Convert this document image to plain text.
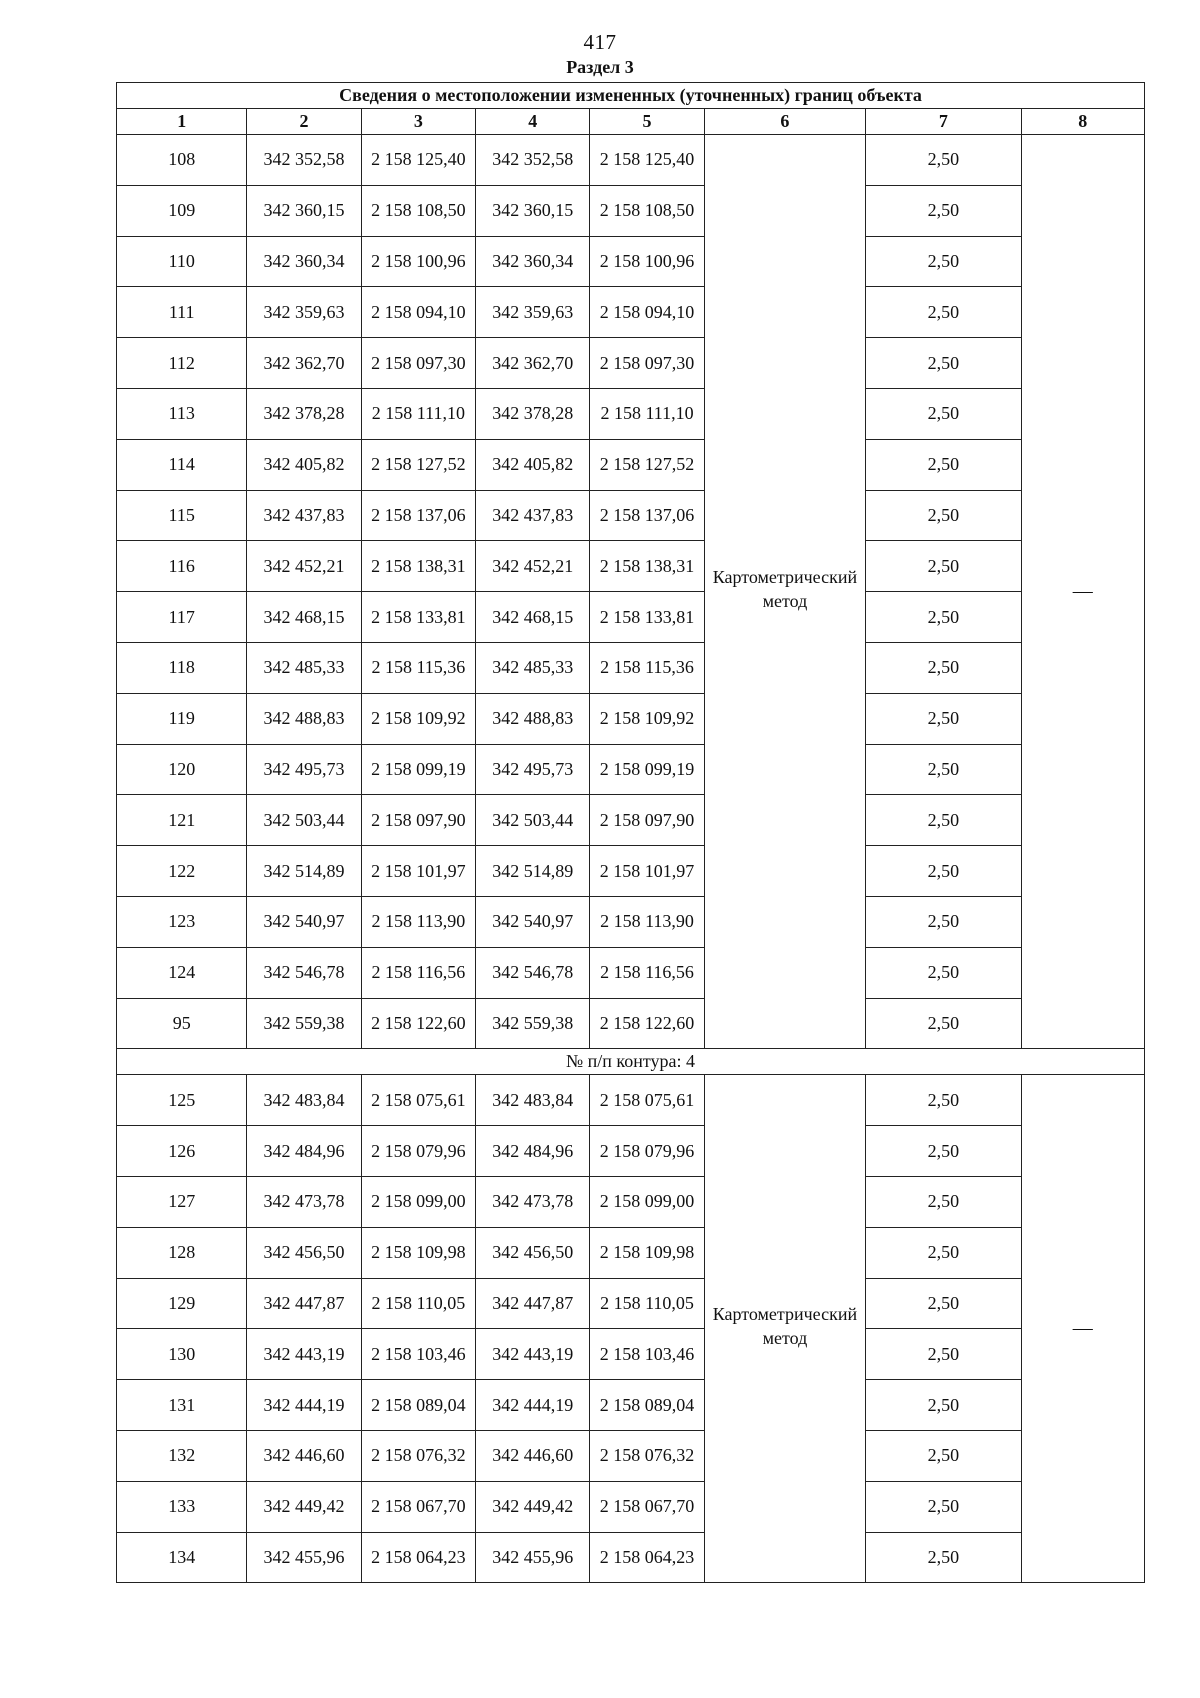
417
Раздел 3
Сведения о местоположении измененных (уточненных) границ объекта							
1	2	3	4	5	6	7	8
108	342 352,58	2 158 125,40	342 352,58	2 158 125,40	Картометрический метод	2,50	—
109	342 360,15	2 158 108,50	342 360,15	2 158 108,50		2,50	
110	342 360,34	2 158 100,96	342 360,34	2 158 100,96		2,50	
111	342 359,63	2 158 094,10	342 359,63	2 158 094,10		2,50	
112	342 362,70	2 158 097,30	342 362,70	2 158 097,30		2,50	
113	342 378,28	2 158 111,10	342 378,28	2 158 111,10		2,50	
114	342 405,82	2 158 127,52	342 405,82	2 158 127,52		2,50	
115	342 437,83	2 158 137,06	342 437,83	2 158 137,06		2,50	
116	342 452,21	2 158 138,31	342 452,21	2 158 138,31		2,50	
117	342 468,15	2 158 133,81	342 468,15	2 158 133,81		2,50	
118	342 485,33	2 158 115,36	342 485,33	2 158 115,36		2,50	
119	342 488,83	2 158 109,92	342 488,83	2 158 109,92		2,50	
120	342 495,73	2 158 099,19	342 495,73	2 158 099,19		2,50	
121	342 503,44	2 158 097,90	342 503,44	2 158 097,90		2,50	
122	342 514,89	2 158 101,97	342 514,89	2 158 101,97		2,50	
123	342 540,97	2 158 113,90	342 540,97	2 158 113,90		2,50	
124	342 546,78	2 158 116,56	342 546,78	2 158 116,56		2,50	
95	342 559,38	2 158 122,60	342 559,38	2 158 122,60		2,50	
№ п/п контура: 4							
125	342 483,84	2 158 075,61	342 483,84	2 158 075,61	Картометрический метод	2,50	—
126	342 484,96	2 158 079,96	342 484,96	2 158 079,96		2,50	
127	342 473,78	2 158 099,00	342 473,78	2 158 099,00		2,50	
128	342 456,50	2 158 109,98	342 456,50	2 158 109,98		2,50	
129	342 447,87	2 158 110,05	342 447,87	2 158 110,05		2,50	
130	342 443,19	2 158 103,46	342 443,19	2 158 103,46		2,50	
131	342 444,19	2 158 089,04	342 444,19	2 158 089,04		2,50	
132	342 446,60	2 158 076,32	342 446,60	2 158 076,32		2,50	
133	342 449,42	2 158 067,70	342 449,42	2 158 067,70		2,50	
134	342 455,96	2 158 064,23	342 455,96	2 158 064,23		2,50	
